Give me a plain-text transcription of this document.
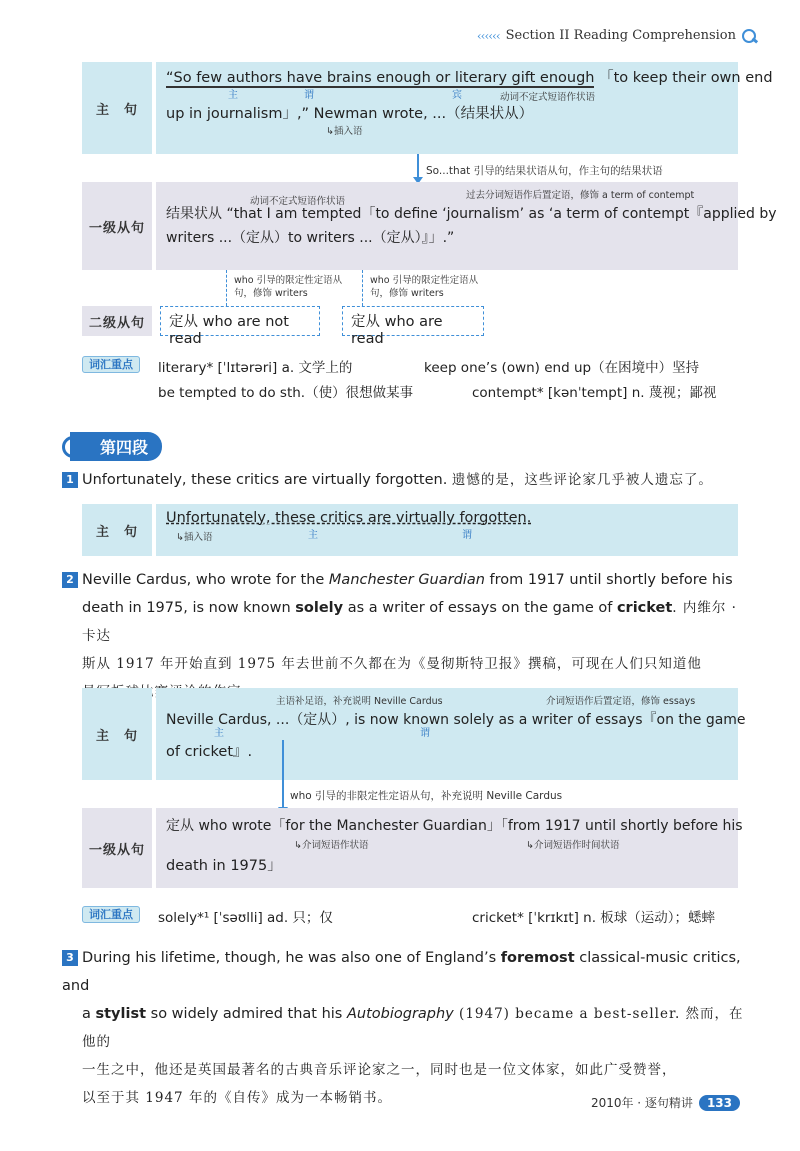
‹‹‹‹‹‹ Section II Reading Comprehension
主　句
“So few authors have brains enough or literary gift enough 「to keep their own end
主	谓	宾	动词不定式短语作状语
up in journalism」,” Newman wrote, ...（结果状从）
↳插入语
So...that 引导的结果状语从句，作主句的结果状语
一级从句
动词不定式短语作状语
过去分词短语作后置定语，修饰 a term of contempt
结果状从 “that I am tempted「to define ‘journalism’ as ‘a term of contempt『applied by
writers ...（定从）to writers ...（定从）』」.”
who 引导的限定性定语从句，修饰 writers
who 引导的限定性定语从句，修饰 writers
二级从句	定从 who are not read
定从 who are read
词汇重点	literary* [ˈlɪtərəri] a. 文学上的	keep one’s (own) end up（在困境中）坚持
be tempted to do sth.（使）很想做某事	contempt* [kənˈtempt] n. 蔑视；鄙视
第四段
1 Unfortunately, these critics are virtually forgotten. 遗憾的是，这些评论家几乎被人遗忘了。
主　句
Unfortunately, these critics are virtually forgotten.
↳插入语	主	谓
2 Neville Cardus, who wrote for the Manchester Guardian from 1917 until shortly before his
death in 1975, is now known solely as a writer of essays on the game of cricket. 内维尔 · 卡达
斯从 1917 年开始直到 1975 年去世前不久都在为《曼彻斯特卫报》撰稿，可现在人们只知道他
主　句
主语补足语，补充说明 Neville Cardus	介词短语作后置定语，修饰 essays
Neville Cardus, ...（定从）, is now known solely as a writer of essays『on the game
主	谓
of cricket』.
who 引导的非限定性定语从句，补充说明 Neville Cardus
一级从句
定从 who wrote「for the Manchester Guardian」「from 1917 until shortly before his
↳介词短语作状语	↳介词短语作时间状语
death in 1975」
词汇重点	solely*¹ [ˈsəʊlli] ad. 只；仅	cricket* [ˈkrɪkɪt] n. 板球（运动）；蟋蟀
3 During his lifetime, though, he was also one of England’s foremost classical-music critics, and
a stylist so widely admired that his Autobiography (1947) became a best-seller. 然而，在他的
一生之中，他还是英国最著名的古典音乐评论家之一，同时也是一位文体家，如此广受赞誉，
以至于其 1947 年的《自传》成为一本畅销书。	2010年 · 逐句精讲	133
